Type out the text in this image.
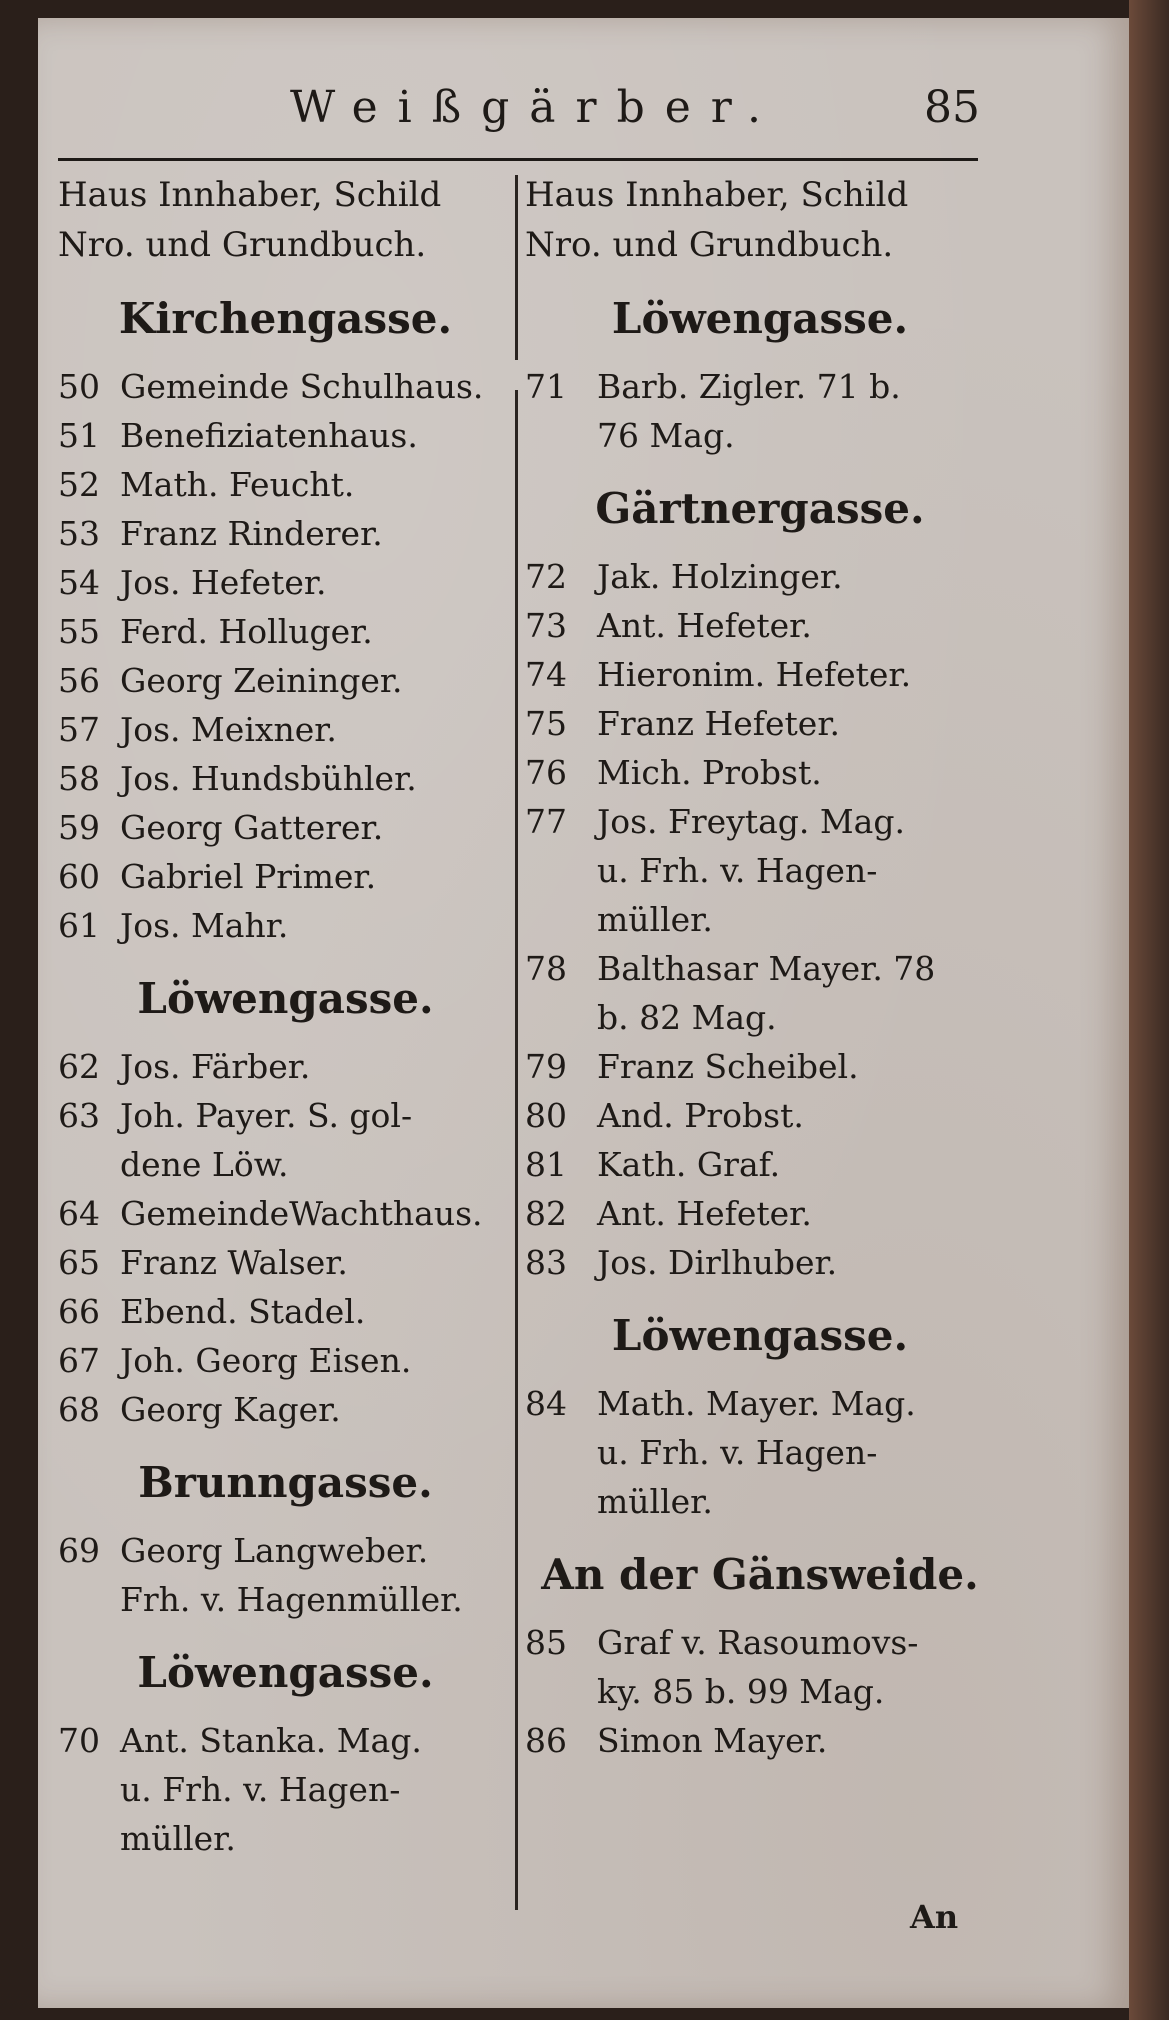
Weißgärber.	85
Haus Innhaber, Schild
Nro. und Grundbuch.
Kirchengasse.
50 Gemeinde Schulhaus.
51 Benefiziatenhaus.
52 Math. Feucht.
53 Franz Rinderer.
54 Jos. Hefeter.
55 Ferd. Holluger.
56 Georg Zeininger.
57 Jos. Meixner.
58 Jos. Hundsbühler.
59 Georg Gatterer.
60 Gabriel Primer.
61 Jos. Mahr.
Löwengasse.
62 Jos. Färber.
63 Joh. Payer. S. gol-
dene Löw.
64 GemeindeWachthaus.
65 Franz Walser.
66 Ebend. Stadel.
67 Joh. Georg Eisen.
68 Georg Kager.
Brunngasse.
69 Georg Langweber.
Frh. v. Hagenmüller.
Löwengasse.
70 Ant. Stanka. Mag.
u. Frh. v. Hagen-
müller.
Haus Innhaber, Schild
Nro. und Grundbuch.
Löwengasse.
71 Barb. Zigler. 71 b.
76 Mag.
Gärtnergasse.
72 Jak. Holzinger.
73 Ant. Hefeter.
74 Hieronim. Hefeter.
75 Franz Hefeter.
76 Mich. Probst.
77 Jos. Freytag. Mag.
u. Frh. v. Hagen-
müller.
78 Balthasar Mayer. 78
b. 82 Mag.
79 Franz Scheibel.
80 And. Probst.
81 Kath. Graf.
82 Ant. Hefeter.
83 Jos. Dirlhuber.
Löwengasse.
84 Math. Mayer. Mag.
u. Frh. v. Hagen-
müller.
An der Gänsweide.
85 Graf v. Rasoumovs-
ky. 85 b. 99 Mag.
86 Simon Mayer.
An
